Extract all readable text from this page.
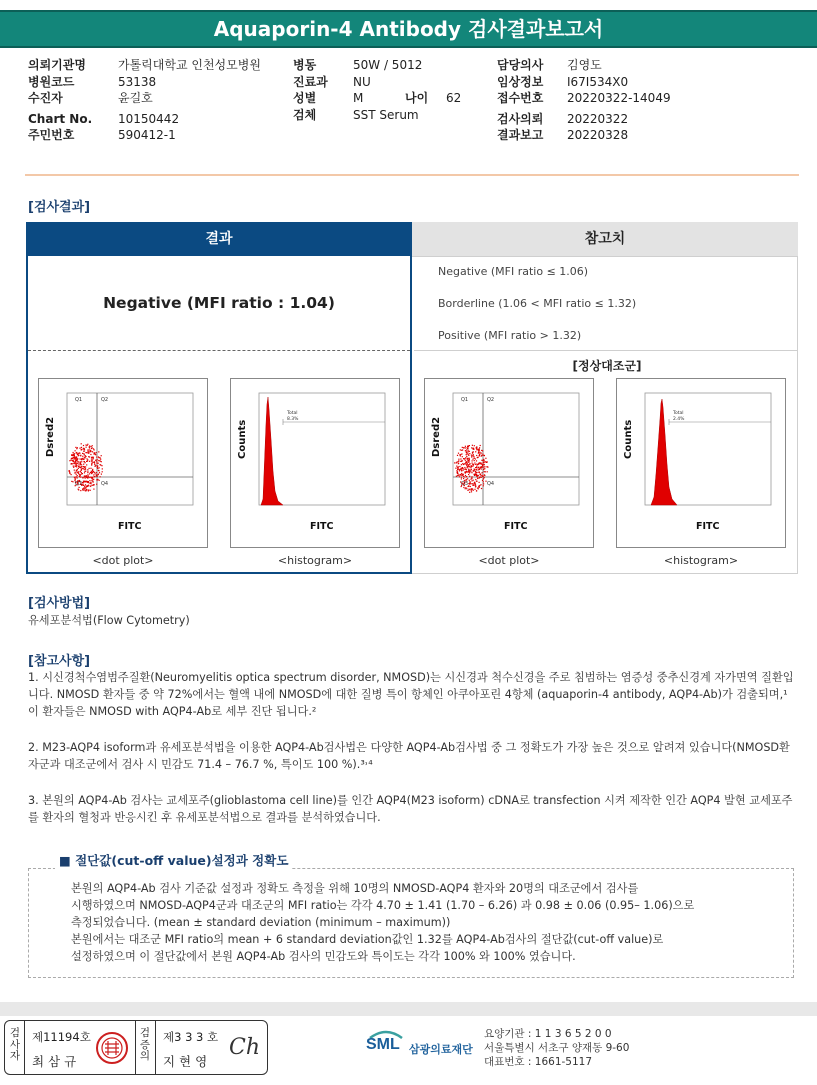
Aquaporin-4 Antibody 검사결과보고서
의뢰기관명	가톨릭대학교 인천성모병원
병원코드	53138
수진자	윤길호
Chart No. 10150442
주민번호	590412-1
병동	50W / 5012
진료과 NU
성별	M	나이 62
검체	SST Serum
담당의사 김영도
임상정보 I67I534X0
접수번호 20220322-14049
검사의뢰 20220322
결과보고 20220328
[검사결과]
결과	참고치
Negative (MFI ratio : 1.04)
Negative (MFI ratio ≤ 1.06)
Borderline (1.06 < MFI ratio ≤ 1.32)
Positive (MFI ratio > 1.32)
[정상대조군]
Q1	Q2
Q3	Q4
Dsred2
FITC
<dot plot>
Total
8.3%
Counts
FITC
<histogram>
Q1	Q2
Q3	Q4
Dsred2
FITC
<dot plot>
Total
2.4%
Counts
FITC
<histogram>
[검사방법]
유세포분석법(Flow Cytometry)
[참고사항]
1. 시신경척수염범주질환(Neuromyelitis optica spectrum disorder, NMOSD)는 시신경과 척수신경을 주로 침범하는 염증성 중추신경계 자가면역 질환입니다. NMOSD 환자들 중 약 72%에서는 혈액 내에 NMOSD에 대한 질병 특이 항체인 아쿠아포린 4항체 (aquaporin-4 antibody, AQP4-Ab)가 검출되며,¹ 이 환자들은 NMOSD with AQP4-Ab로 세부 진단 됩니다.²
2. M23-AQP4 isoform과 유세포분석법을 이용한 AQP4-Ab검사법은 다양한 AQP4-Ab검사법 중 그 정확도가 가장 높은 것으로 알려져 있습니다(NMOSD환자군과 대조군에서 검사 시 민감도 71.4 – 76.7 %, 특이도 100 %).³˒⁴
3. 본원의 AQP4-Ab 검사는 교세포주(glioblastoma cell line)를 인간 AQP4(M23 isoform) cDNA로 transfection 시켜 제작한 인간 AQP4 발현 교세포주를 환자의 혈청과 반응시킨 후 유세포분석법으로 결과를 분석하였습니다.
■ 절단값(cut-off value)설정과 정확도
본원의 AQP4-Ab 검사 기준값 설정과 정확도 측정을 위해 10명의 NMOSD-AQP4 환자와 20명의 대조군에서 검사를
시행하였으며 NMOSD-AQP4군과 대조군의 MFI ratio는 각각 4.70 ± 1.41 (1.70 – 6.26) 과 0.98 ± 0.06 (0.95– 1.06)으로
측정되었습니다. (mean ± standard deviation (minimum – maximum))
본원에서는 대조군 MFI ratio의 mean + 6 standard deviation값인 1.32를 AQP4-Ab검사의 절단값(cut-off value)로
설정하였으며 이 절단값에서 본원 AQP4-Ab 검사의 민감도와 특이도는 각각 100% 와 100% 였습니다.
검
사
자
제11194호
최 삼 규
검
증
의
제3 3 3 호
지 현 영
Ch	SML 삼광의료재단
요양기관 : 1 1 3 6 5 2 0 0
서울특별시 서초구 양재동 9-60
대표번호 : 1661-5117
